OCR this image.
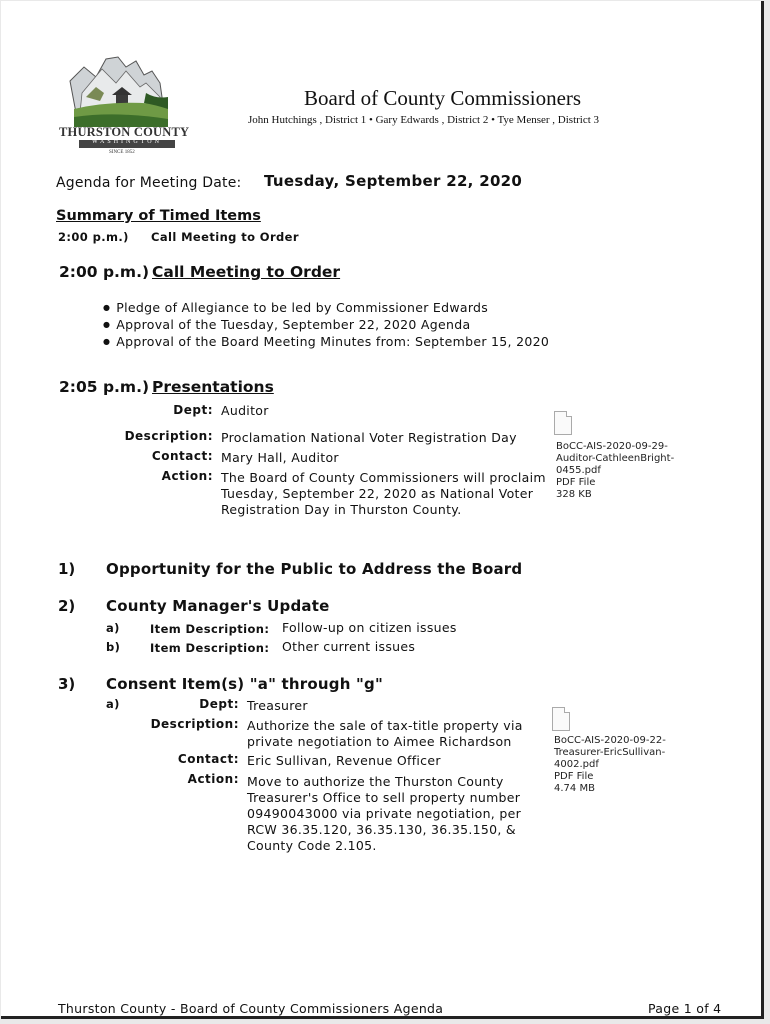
THURSTON COUNTY
WASHINGTON
SINCE 1852
Board of County Commissioners
John Hutchings , District 1 • Gary Edwards , District 2 • Tye Menser , District 3
Agenda for Meeting Date: Tuesday, September 22, 2020
Summary of Timed Items
2:00 p.m.) Call Meeting to Order
2:00 p.m.) Call Meeting to Order
● Pledge of Allegiance to be led by Commissioner Edwards
● Approval of the Tuesday, September 22, 2020 Agenda
● Approval of the Board Meeting Minutes from: September 15, 2020
2:05 p.m.) Presentations
Dept: Auditor
Description: Proclamation National Voter Registration Day
Contact: Mary Hall, Auditor
Action: The Board of County Commissioners will proclaim
Tuesday, September 22, 2020 as National Voter
Registration Day in Thurston County.
BoCC-AIS-2020-09-29-
Auditor-CathleenBright-
0455.pdf
PDF File
328 KB
1) Opportunity for the Public to Address the Board
2) County Manager's Update
a)	Item Description: Follow-up on citizen issues
b)	Item Description: Other current issues
3) Consent Item(s) "a" through "g"
a)	Dept: Treasurer
Description: Authorize the sale of tax-title property via
private negotiation to Aimee Richardson
Contact: Eric Sullivan, Revenue Officer
Action: Move to authorize the Thurston County
Treasurer's Office to sell property number
09490043000 via private negotiation, per
RCW 36.35.120, 36.35.130, 36.35.150, &
County Code 2.105.
BoCC-AIS-2020-09-22-
Treasurer-EricSullivan-
4002.pdf
PDF File
4.74 MB
Thurston County - Board of County Commissioners Agenda	Page 1 of 4
